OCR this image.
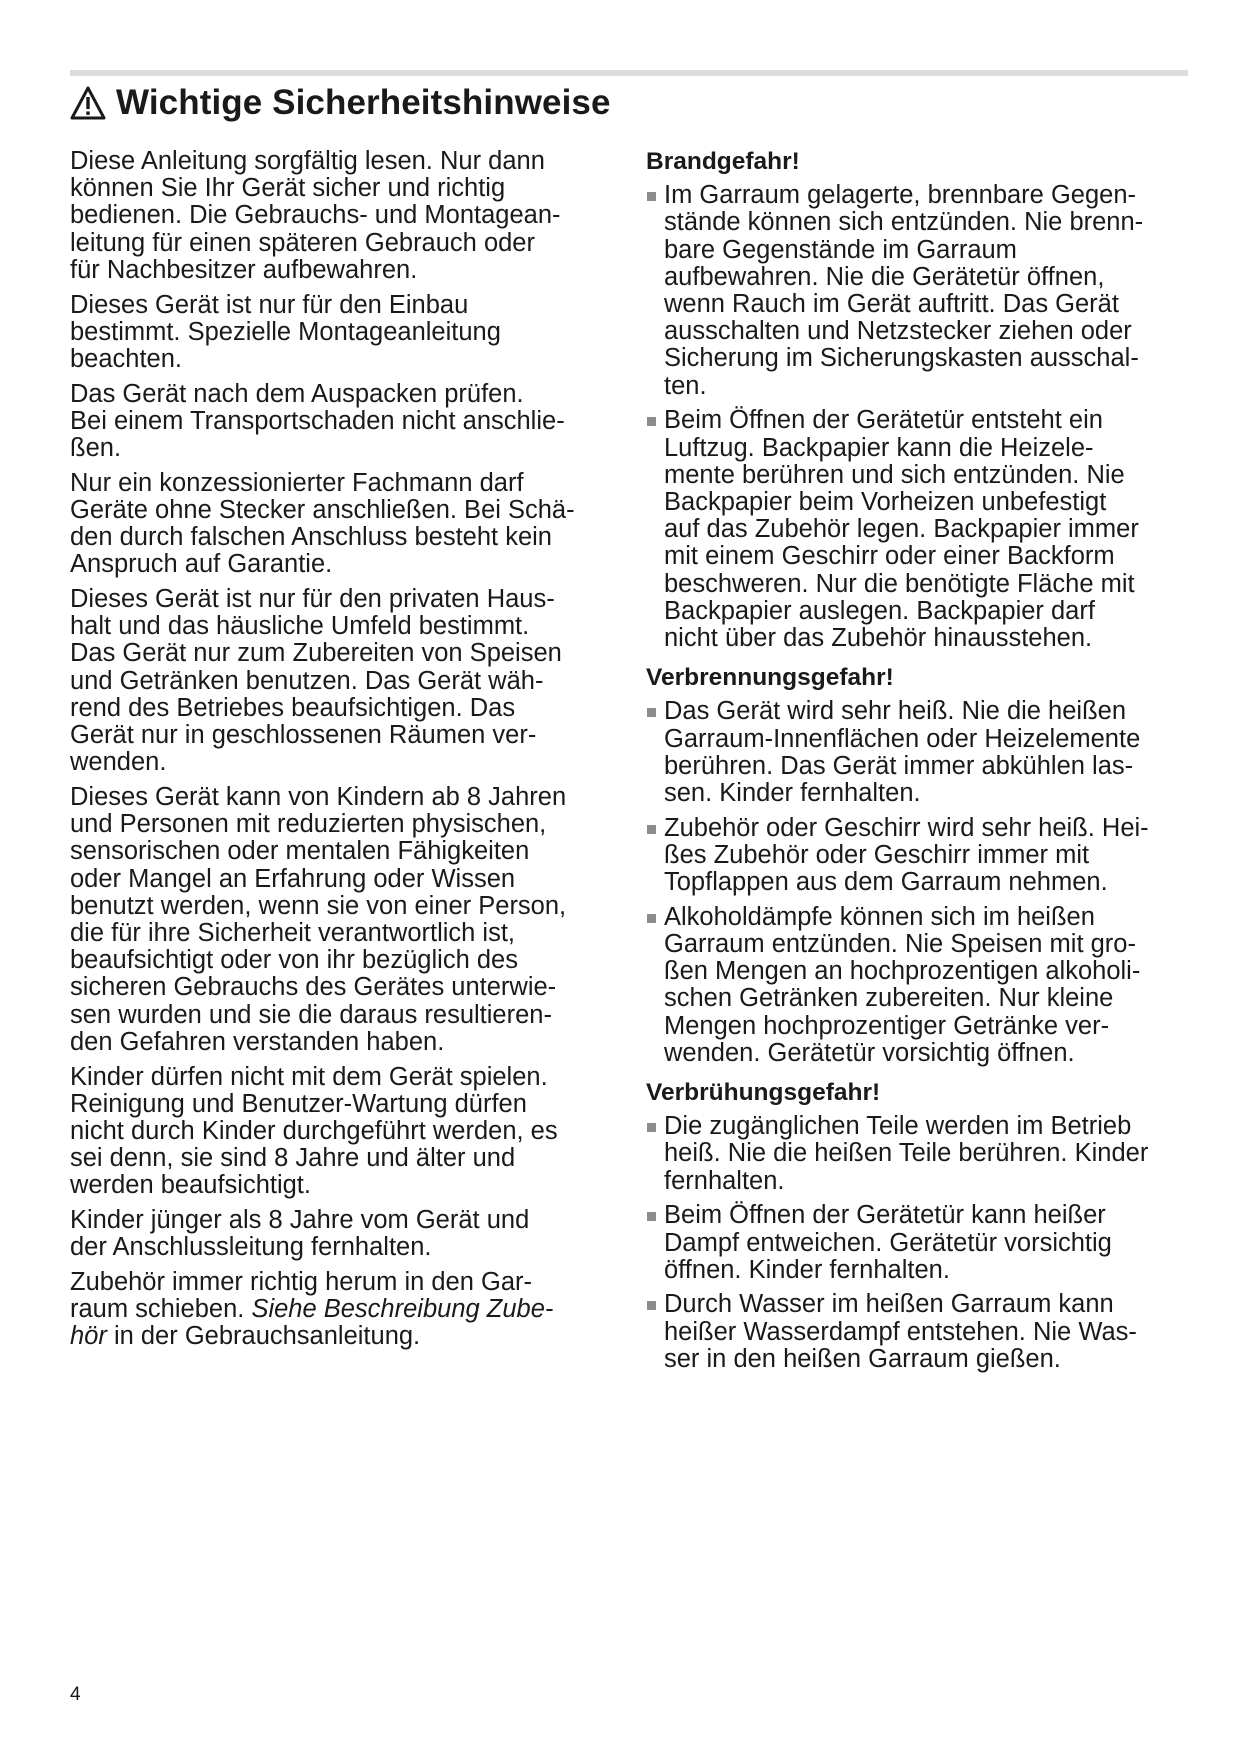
Wichtige Sicherheitshinweise

Diese Anleitung sorgfältig lesen. Nur dann
können Sie Ihr Gerät sicher und richtig
bedienen. Die Gebrauchs- und Montagean-
leitung für einen späteren Gebrauch oder
für Nachbesitzer aufbewahren.

Dieses Gerät ist nur für den Einbau
bestimmt. Spezielle Montageanleitung
beachten.

Das Gerät nach dem Auspacken prüfen.
Bei einem Transportschaden nicht anschlie-
ßen.

Nur ein konzessionierter Fachmann darf
Geräte ohne Stecker anschließen. Bei Schä-
den durch falschen Anschluss besteht kein
Anspruch auf Garantie.

Dieses Gerät ist nur für den privaten Haus-
halt und das häusliche Umfeld bestimmt.
Das Gerät nur zum Zubereiten von Speisen
und Getränken benutzen. Das Gerät wäh-
rend des Betriebes beaufsichtigen. Das
Gerät nur in geschlossenen Räumen ver-
wenden.

Dieses Gerät kann von Kindern ab 8 Jahren
und Personen mit reduzierten physischen,
sensorischen oder mentalen Fähigkeiten
oder Mangel an Erfahrung oder Wissen
benutzt werden, wenn sie von einer Person,
die für ihre Sicherheit verantwortlich ist,
beaufsichtigt oder von ihr bezüglich des
sicheren Gebrauchs des Gerätes unterwie-
sen wurden und sie die daraus resultieren-
den Gefahren verstanden haben.

Kinder dürfen nicht mit dem Gerät spielen.
Reinigung und Benutzer-Wartung dürfen
nicht durch Kinder durchgeführt werden, es
sei denn, sie sind 8 Jahre und älter und
werden beaufsichtigt.

Kinder jünger als 8 Jahre vom Gerät und
der Anschlussleitung fernhalten.

Zubehör immer richtig herum in den Gar-
raum schieben. Siehe Beschreibung Zube-
hör in der Gebrauchsanleitung.

Brandgefahr!
Im Garraum gelagerte, brennbare Gegen-
stände können sich entzünden. Nie brenn-
bare Gegenstände im Garraum
aufbewahren. Nie die Gerätetür öffnen,
wenn Rauch im Gerät auftritt. Das Gerät
ausschalten und Netzstecker ziehen oder
Sicherung im Sicherungskasten ausschal-
ten.
Beim Öffnen der Gerätetür entsteht ein
Luftzug. Backpapier kann die Heizele-
mente berühren und sich entzünden. Nie
Backpapier beim Vorheizen unbefestigt
auf das Zubehör legen. Backpapier immer
mit einem Geschirr oder einer Backform
beschweren. Nur die benötigte Fläche mit
Backpapier auslegen. Backpapier darf
nicht über das Zubehör hinausstehen.
Verbrennungsgefahr!
Das Gerät wird sehr heiß. Nie die heißen
Garraum-Innenflächen oder Heizelemente
berühren. Das Gerät immer abkühlen las-
sen. Kinder fernhalten.
Zubehör oder Geschirr wird sehr heiß. Hei-
ßes Zubehör oder Geschirr immer mit
Topflappen aus dem Garraum nehmen.
Alkoholdämpfe können sich im heißen
Garraum entzünden. Nie Speisen mit gro-
ßen Mengen an hochprozentigen alkoholi-
schen Getränken zubereiten. Nur kleine
Mengen hochprozentiger Getränke ver-
wenden. Gerätetür vorsichtig öffnen.
Verbrühungsgefahr!
Die zugänglichen Teile werden im Betrieb
heiß. Nie die heißen Teile berühren. Kinder
fernhalten.
Beim Öffnen der Gerätetür kann heißer
Dampf entweichen. Gerätetür vorsichtig
öffnen. Kinder fernhalten.
Durch Wasser im heißen Garraum kann
heißer Wasserdampf entstehen. Nie Was-
ser in den heißen Garraum gießen.
4
